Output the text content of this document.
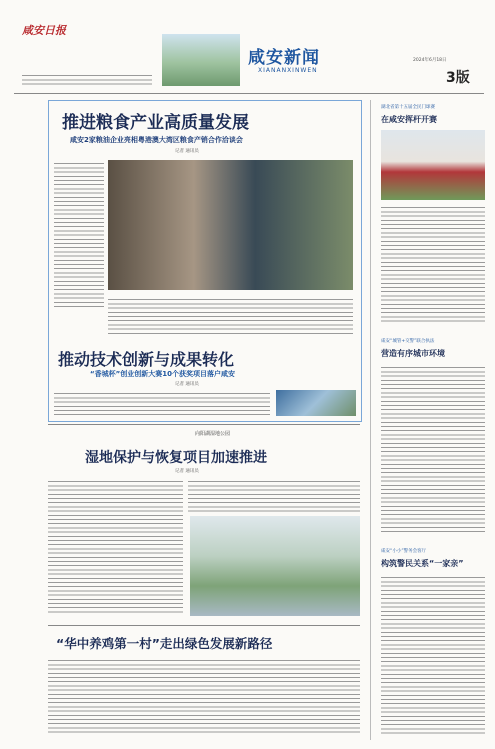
咸安日报
咸安新闻
XIANANXINWEN
2024年6月18日
3版
推进粮食产业高质量发展
咸安2家粮油企业亮相粤港澳大湾区粮食产销合作洽谈会
记者 通讯员
推动技术创新与成果转化
“香城杯”创业创新大赛10个获奖项目落户咸安
记者 通讯员
向阳湖湿地公园
湿地保护与恢复项目加速推进
记者 通讯员
“华中养鸡第一村”走出绿色发展新路径
湖北省第十五届全民门球赛
在咸安挥杆开赛
咸安“城管+交警”联合执法
营造有序城市环境
咸安“小小”警务会客厅
构筑警民关系“一家亲”
